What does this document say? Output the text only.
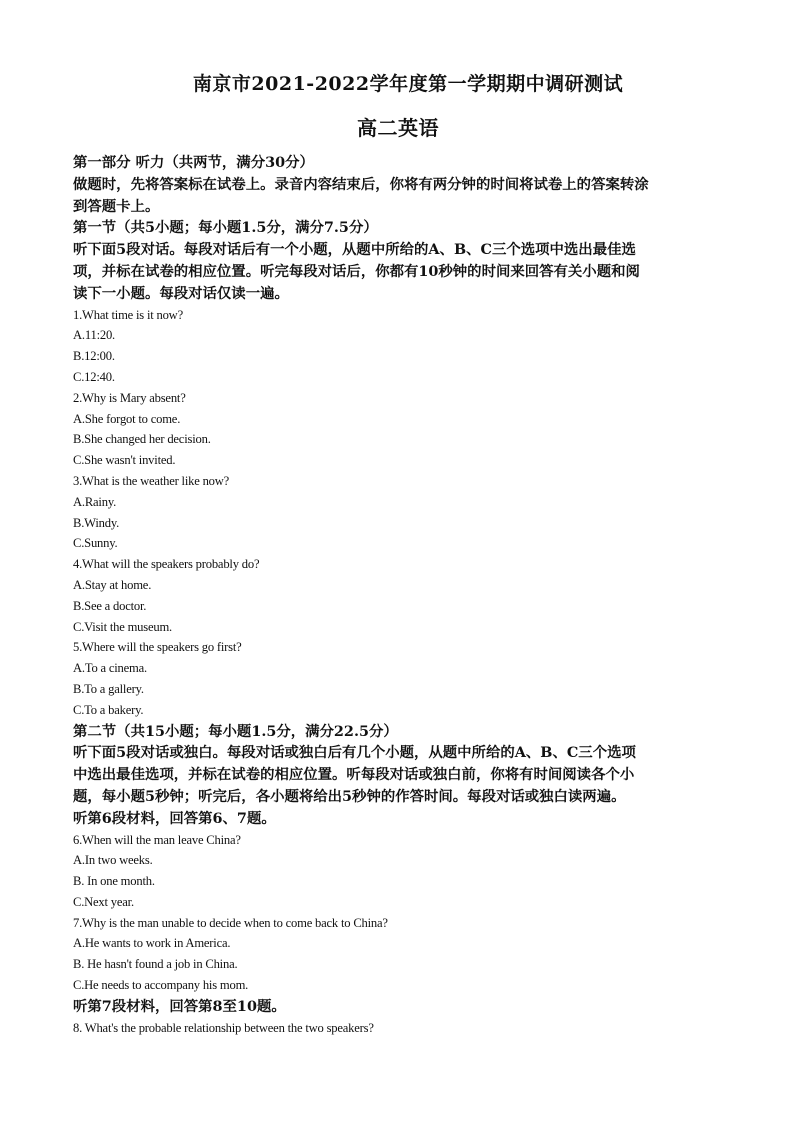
南京市2021-2022学年度第一学期期中调研测试

高二英语

第一部分 听力（共两节，满分30分）

做题时，先将答案标在试卷上。录音内容结束后，你将有两分钟的时间将试卷上的答案转涂

到答题卡上。

第一节（共5小题；每小题1.5分，满分7.5分）

听下面5段对话。每段对话后有一个小题，从题中所给的A、B、C三个选项中选出最佳选

项，并标在试卷的相应位置。听完每段对话后，你都有10秒钟的时间来回答有关小题和阅

读下一小题。每段对话仅读一遍。

1.What time is it now?

A.11:20.

B.12:00.

C.12:40.

2.Why is Mary absent?

A.She forgot to come.

B.She changed her decision.

C.She wasn't invited.

3.What is the weather like now?

A.Rainy.

B.Windy.

C.Sunny.

4.What will the speakers probably do?

A.Stay at home.

B.See a doctor.

C.Visit the museum.

5.Where will the speakers go first?

A.To a cinema.

B.To a gallery.

C.To a bakery.

第二节（共15小题；每小题1.5分，满分22.5分）

听下面5段对话或独白。每段对话或独白后有几个小题，从题中所给的A、B、C三个选项

中选出最佳选项，并标在试卷的相应位置。听每段对话或独白前，你将有时间阅读各个小

题，每小题5秒钟；听完后，各小题将给出5秒钟的作答时间。每段对话或独白读两遍。

听第6段材料，回答第6、7题。

6.When will the man leave China?

A.In two weeks.

B. In one month.

C.Next year.

7.Why is the man unable to decide when to come back to China?

A.He wants to work in America.

B. He hasn't found a job in China.

C.He needs to accompany his mom.

听第7段材料，回答第8至10题。

8. What's the probable relationship between the two speakers?
